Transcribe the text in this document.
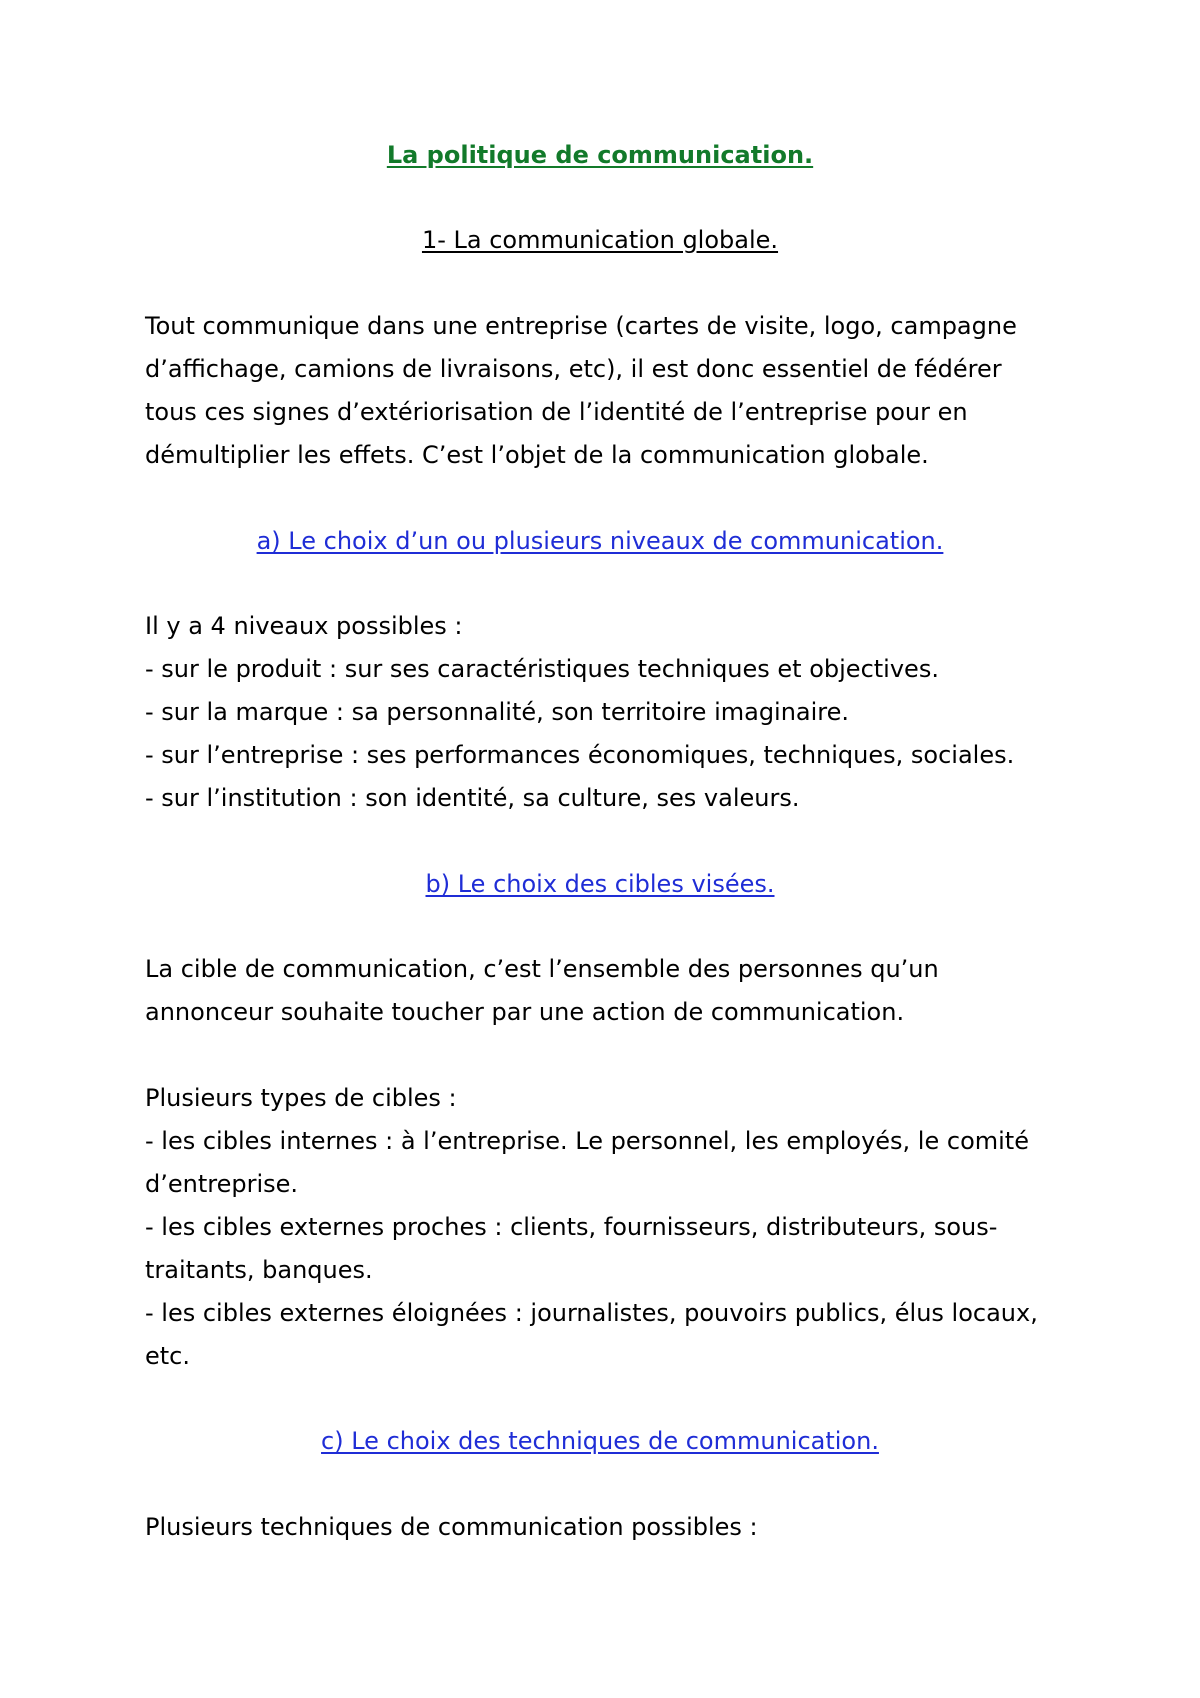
La politique de communication.
1- La communication globale.
Tout communique dans une entreprise (cartes de visite, logo, campagne
d’affichage, camions de livraisons, etc), il est donc essentiel de fédérer
tous ces signes d’extériorisation de l’identité de l’entreprise pour en
démultiplier les effets. C’est l’objet de la communication globale.
a) Le choix d’un ou plusieurs niveaux de communication.
Il y a 4 niveaux possibles :
- sur le produit : sur ses caractéristiques techniques et objectives.
- sur la marque : sa personnalité, son territoire imaginaire.
- sur l’entreprise : ses performances économiques, techniques, sociales.
- sur l’institution : son identité, sa culture, ses valeurs.
b) Le choix des cibles visées.
La cible de communication, c’est l’ensemble des personnes qu’un
annonceur souhaite toucher par une action de communication.
Plusieurs types de cibles :
- les cibles internes : à l’entreprise. Le personnel, les employés, le comité
d’entreprise.
- les cibles externes proches : clients, fournisseurs, distributeurs, sous-
traitants, banques.
- les cibles externes éloignées : journalistes, pouvoirs publics, élus locaux,
etc.
c) Le choix des techniques de communication.
Plusieurs techniques de communication possibles :
